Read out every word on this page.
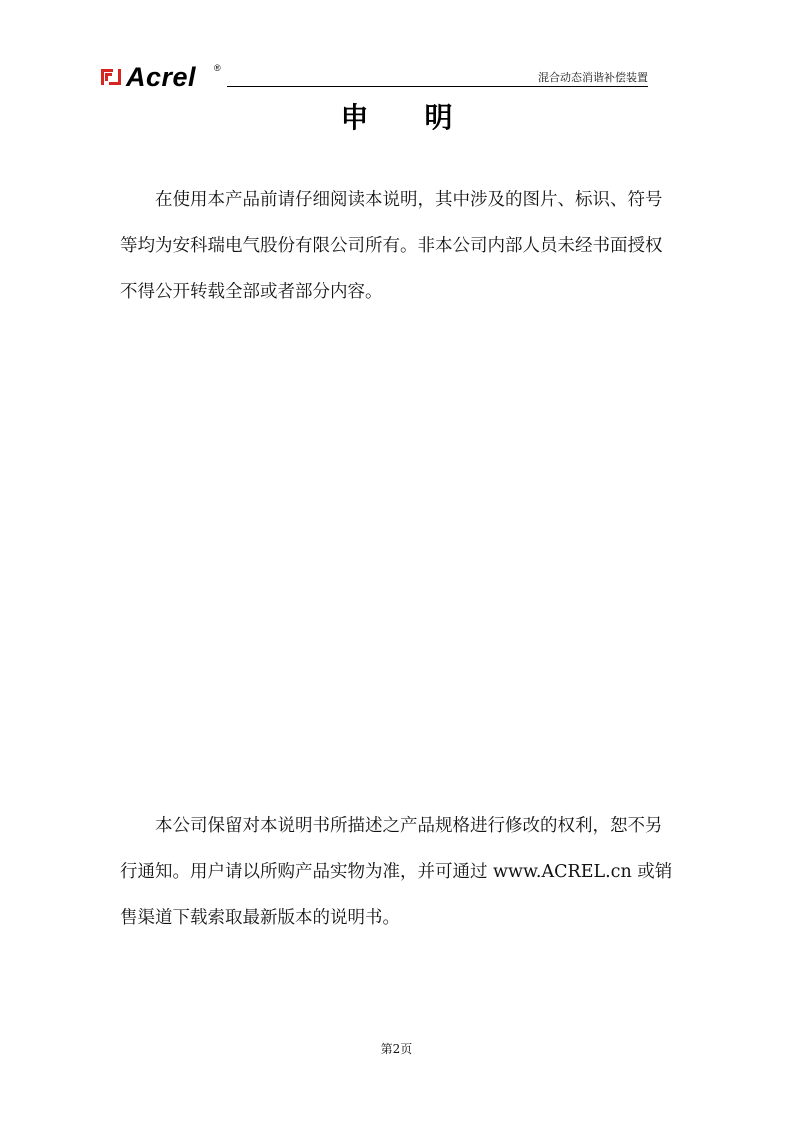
Acrel ®
混合动态消谐补偿装置
申　　明

在使用本产品前请仔细阅读本说明，其中涉及的图片、标识、符号等均为安科瑞电气股份有限公司所有。非本公司内部人员未经书面授权不得公开转载全部或者部分内容。

本公司保留对本说明书所描述之产品规格进行修改的权利，恕不另行通知。用户请以所购产品实物为准，并可通过 www.ACREL.cn 或销售渠道下载索取最新版本的说明书。

第2页
